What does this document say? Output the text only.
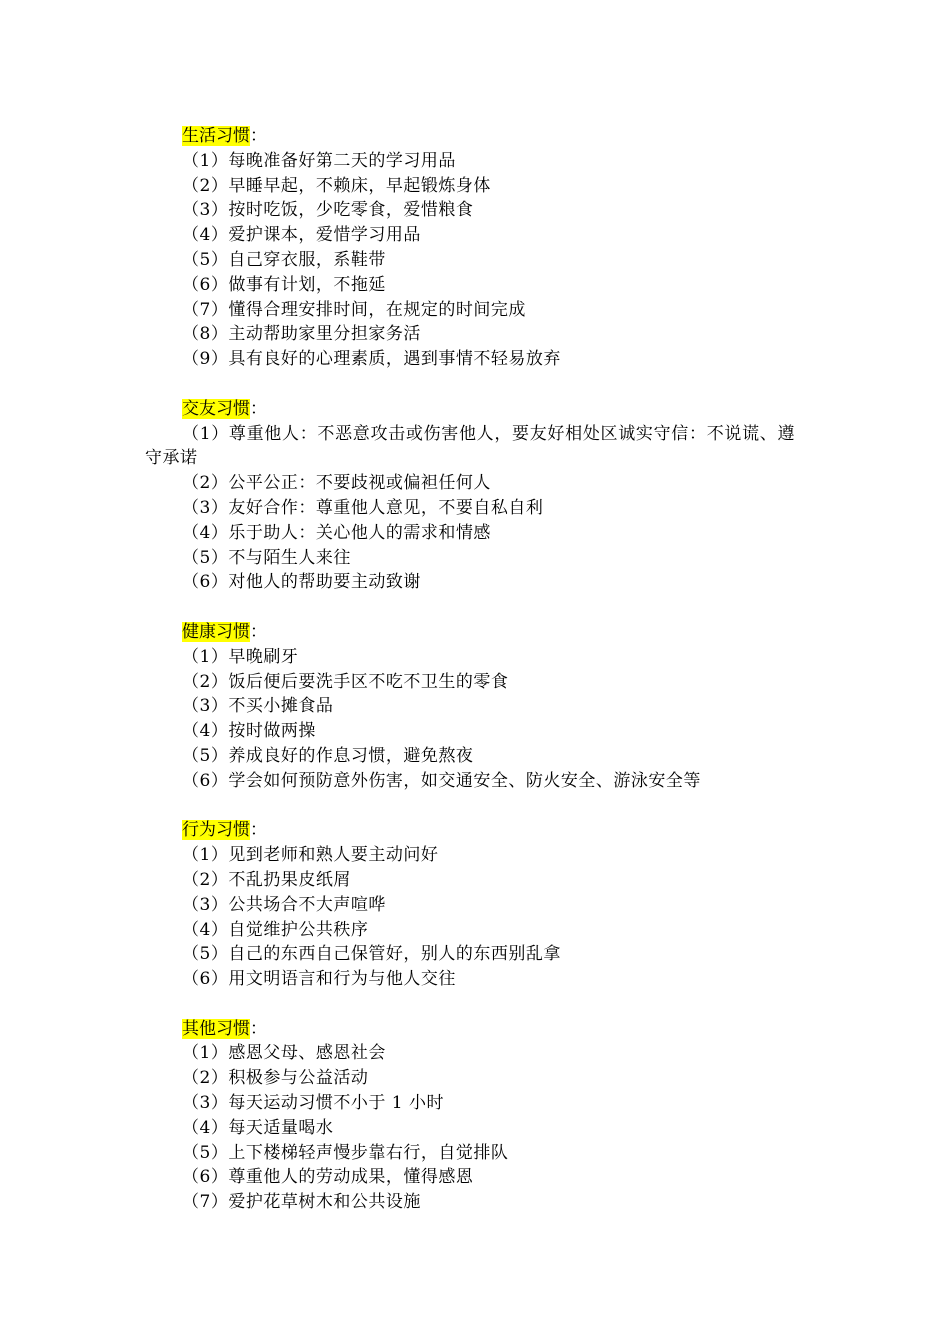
生活习惯：

（1）每晚准备好第二天的学习用品

（2）早睡早起，不赖床，早起锻炼身体

（3）按时吃饭，少吃零食，爱惜粮食

（4）爱护课本，爱惜学习用品

（5）自己穿衣服，系鞋带

（6）做事有计划，不拖延

（7）懂得合理安排时间，在规定的时间完成

（8）主动帮助家里分担家务活

（9）具有良好的心理素质，遇到事情不轻易放弃

交友习惯：

（1）尊重他人：不恶意攻击或伤害他人，要友好相处区诚实守信：不说谎、遵守承诺

（2）公平公正：不要歧视或偏袒任何人

（3）友好合作：尊重他人意见，不要自私自利

（4）乐于助人：关心他人的需求和情感

（5）不与陌生人来往

（6）对他人的帮助要主动致谢

健康习惯：

（1）早晚刷牙

（2）饭后便后要洗手区不吃不卫生的零食

（3）不买小摊食品

（4）按时做两操

（5）养成良好的作息习惯，避免熬夜

（6）学会如何预防意外伤害，如交通安全、防火安全、游泳安全等

行为习惯：

（1）见到老师和熟人要主动问好

（2）不乱扔果皮纸屑

（3）公共场合不大声喧哗

（4）自觉维护公共秩序

（5）自己的东西自己保管好，别人的东西别乱拿

（6）用文明语言和行为与他人交往

其他习惯：

（1）感恩父母、感恩社会

（2）积极参与公益活动

（3）每天运动习惯不小于 1 小时

（4）每天适量喝水

（5）上下楼梯轻声慢步靠右行，自觉排队

（6）尊重他人的劳动成果，懂得感恩

（7）爱护花草树木和公共设施
